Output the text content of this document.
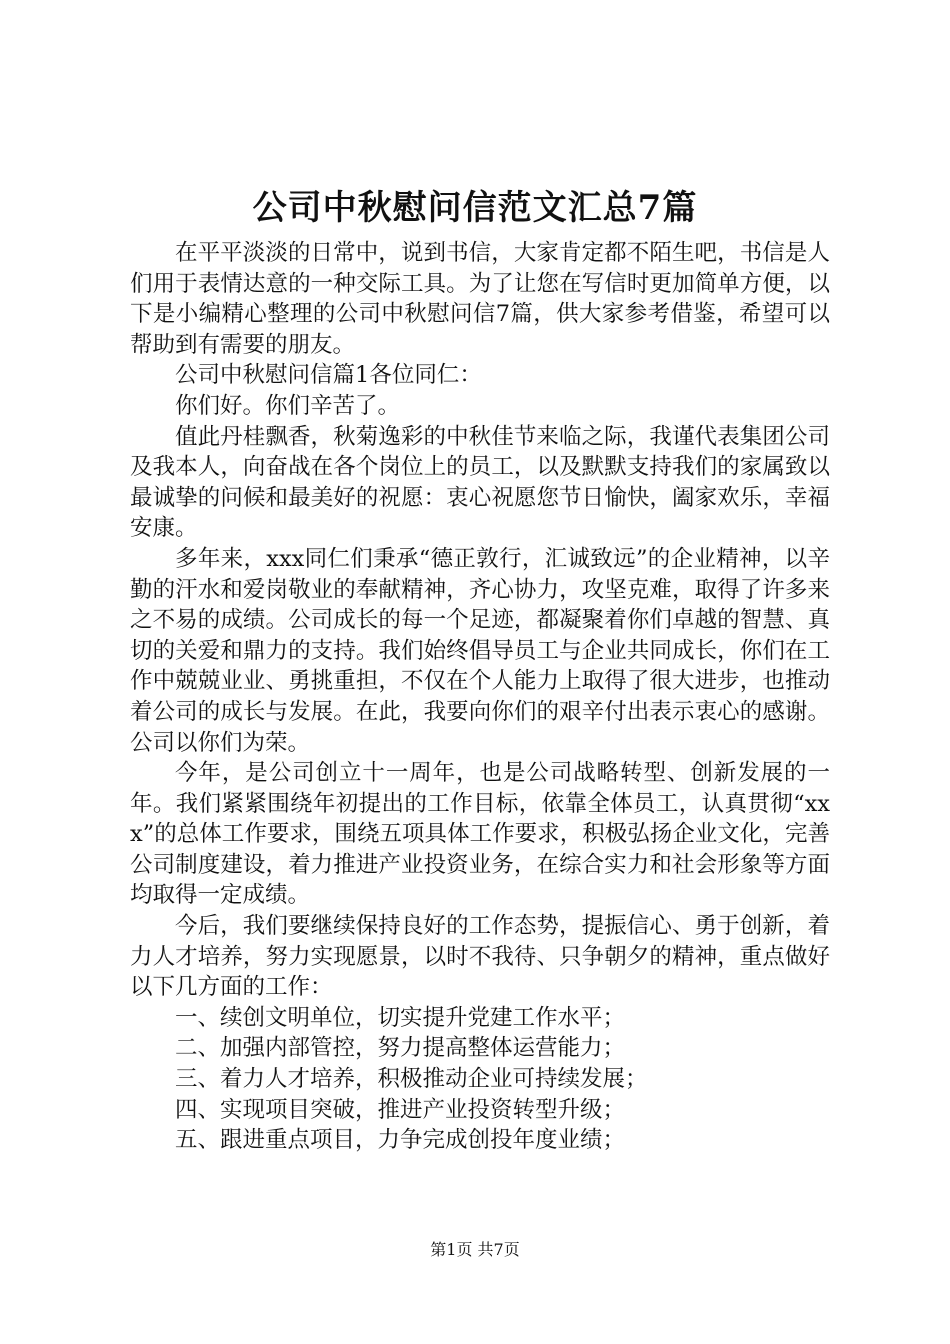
公司中秋慰问信范文汇总7篇

在平平淡淡的日常中，说到书信，大家肯定都不陌生吧，书信是人们用于表情达意的一种交际工具。为了让您在写信时更加简单方便，以下是小编精心整理的公司中秋慰问信7篇，供大家参考借鉴，希望可以帮助到有需要的朋友。

公司中秋慰问信篇1各位同仁：

你们好。你们辛苦了。

值此丹桂飘香，秋菊逸彩的中秋佳节来临之际，我谨代表集团公司及我本人，向奋战在各个岗位上的员工，以及默默支持我们的家属致以最诚挚的问候和最美好的祝愿：衷心祝愿您节日愉快，阖家欢乐，幸福安康。

多年来，xxx同仁们秉承“德正敦行，汇诚致远”的企业精神，以辛勤的汗水和爱岗敬业的奉献精神，齐心协力，攻坚克难，取得了许多来之不易的成绩。公司成长的每一个足迹，都凝聚着你们卓越的智慧、真切的关爱和鼎力的支持。我们始终倡导员工与企业共同成长，你们在工作中兢兢业业、勇挑重担，不仅在个人能力上取得了很大进步，也推动着公司的成长与发展。在此，我要向你们的艰辛付出表示衷心的感谢。公司以你们为荣。

今年，是公司创立十一周年，也是公司战略转型、创新发展的一年。我们紧紧围绕年初提出的工作目标，依靠全体员工，认真贯彻“xxx”的总体工作要求，围绕五项具体工作要求，积极弘扬企业文化，完善公司制度建设，着力推进产业投资业务，在综合实力和社会形象等方面均取得一定成绩。

今后，我们要继续保持良好的工作态势，提振信心、勇于创新，着力人才培养，努力实现愿景，以时不我待、只争朝夕的精神，重点做好以下几方面的工作：

一、续创文明单位，切实提升党建工作水平；

二、加强内部管控，努力提高整体运营能力；

三、着力人才培养，积极推动企业可持续发展；

四、实现项目突破，推进产业投资转型升级；

五、跟进重点项目，力争完成创投年度业绩；

第1页 共7页
